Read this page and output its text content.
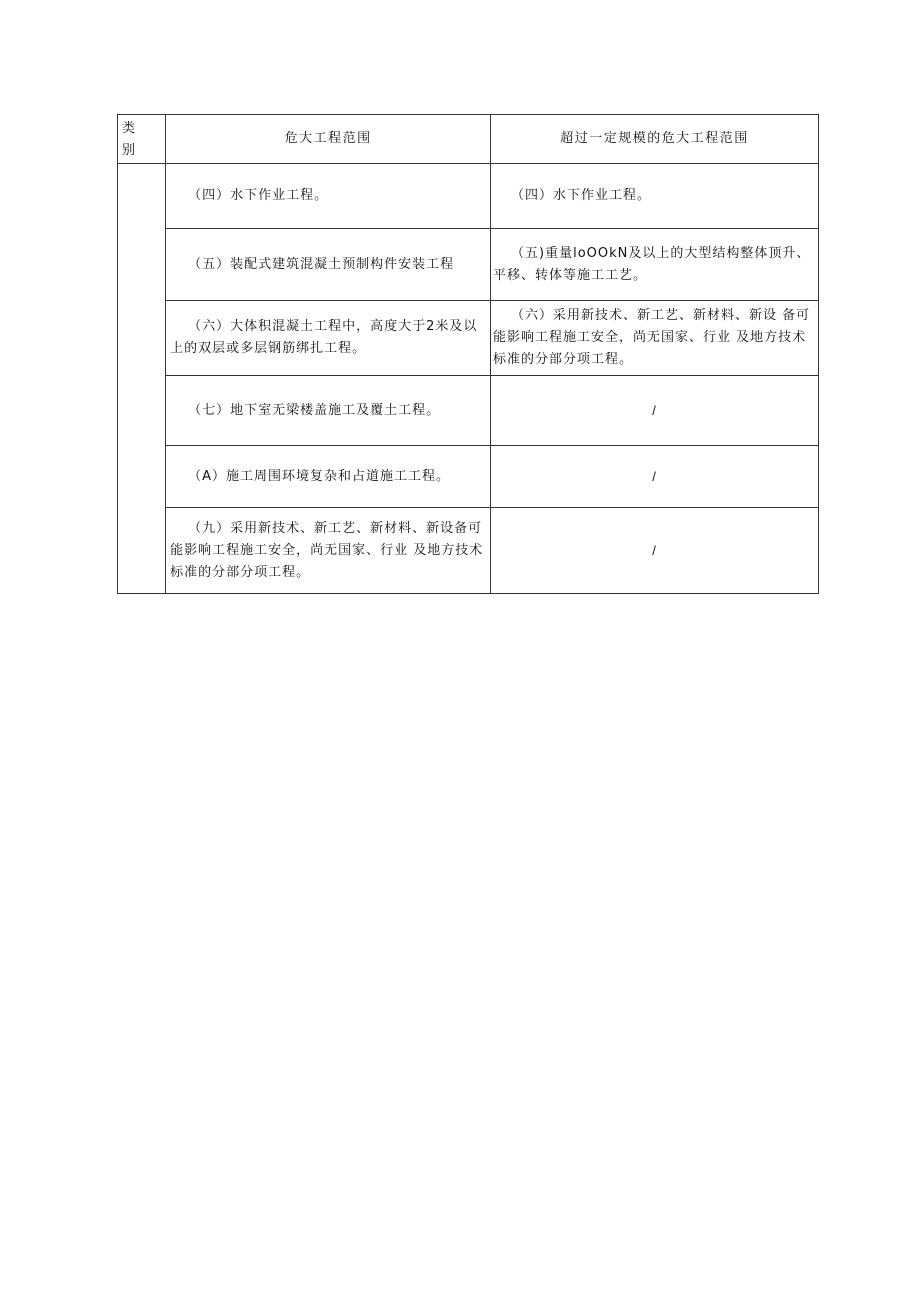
类 别	危大工程范围	超过一定规模的危大工程范围
	（四）水下作业工程。	（四）水下作业工程。
	（五）装配式建筑混凝土预制构件安装工程	（五)重量loOOkN及以上的大型结构整体顶升、平移、转体等施工工艺。
	（六）大体积混凝土工程中，高度大于2米及以上的双层或多层钢筋绑扎工程。	（六）采用新技术、新工艺、新材料、新设 备可能影响工程施工安全，尚无国家、行业 及地方技术标准的分部分项工程。
	（七）地下室无梁楼盖施工及覆土工程。	/
	（A）施工周围环境复杂和占道施工工程。	/
	（九）采用新技术、新工艺、新材料、新设备可能影响工程施工安全，尚无国家、行业 及地方技术标准的分部分项工程。	/
